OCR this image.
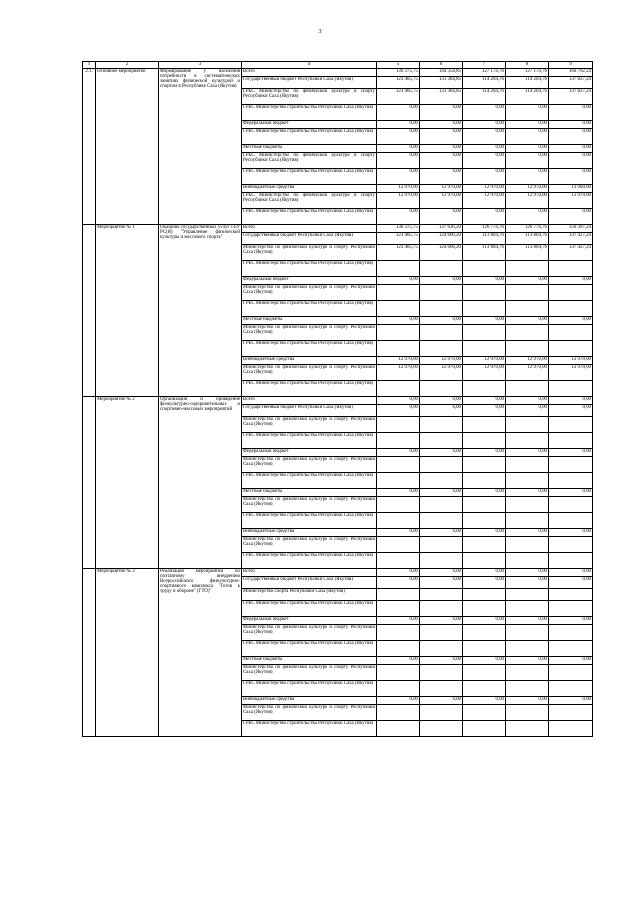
3
1	2	3	4	5	6	7	8	9
2.1.	Основное мероприятие	Формирование у населения потребности в систематических занятиях физической культурой и спортом в Республике Саха (Якутия)	Всего	136 375,75	144 354,85	127 174,76	127 174,76	160 792,24
			Государственный бюджет Республики Саха (Якутия)	123 405,75	131 384,85	114 204,76	114 204,76	137 827,24
			ГРБС Министерство по физической культуре и спорту Республики Саха (Якутия)	123 405,75	131 384,85	114 204,76	114 204,76	137 827,24
			ГРБС Министерство строительства Республики Саха (Якутия)	0,00	0,00	0,00	0,00	0,00
			Федеральный бюджет	0,00	0,00	0,00	0,00	0,00
			ГРБС Министерство строительства Республики Саха (Якутия)	0,00	0,00	0,00	0,00	0,00
			Местные бюджеты	0,00	0,00	0,00	0,00	0,00
			ГРБС Министерство по физической культуре и спорту Республики Саха (Якутия)	0,00	0,00	0,00	0,00	0,00
			ГРБС Министерство строительства Республики Саха (Якутия)	0,00	0,00	0,00	0,00	0,00
			Внебюджетные средства	12 970,00	12 970,00	12 970,00	12 970,00	13 000,00
			ГРБС Министерство по физической культуре и спорту Республики Саха (Якутия)	12 970,00	12 970,00	12 970,00	12 970,00	12 970,00
			ГРБС Министерство строительства Республики Саха (Якутия)	0,00	0,00	0,00	0,00	0,00
	Мероприятие № 1	Оказание государственных услуг ГБУ РС(Я) "Управление физической культуры и массового спорта"	Всего	136 375,75	137 636,20	126 774,76	126 774,76	150 397,24
			Государственный бюджет Республики Саха (Якутия)	123 405,75	124 666,20	113 804,76	113 804,76	137 427,24
			Министерство по физической культуре и спорту Республики Саха (Якутия)	123 405,75	124 666,20	113 804,76	113 804,76	137 427,24
			ГРБС Министерство строительства Республики Саха (Якутия)					
			Федеральный бюджет	0,00	0,00	0,00	0,00	0,00
			Министерство по физической культуре и спорту Республики Саха (Якутия)					
			ГРБС Министерство строительства Республики Саха (Якутия)					
			Местные бюджеты	0,00	0,00	0,00	0,00	0,00
			Министерство по физической культуре и спорту Республики Саха (Якутия)					
			ГРБС Министерство строительства Республики Саха (Якутия)					
			Внебюджетные средства	12 970,00	12 970,00	12 970,00	12 970,00	12 970,00
			Министерство по физической культуре и спорту Республики Саха (Якутия)	12 970,00	12 970,00	12 970,00	12 970,00	12 970,00
			ГРБС Министерство строительства Республики Саха (Якутия)					
	Мероприятие № 2	Организация и проведение физкультурно-оздоровительных и спортивно-массовых мероприятий	Всего	0,00	0,00	0,00	0,00	0,00
			Государственный бюджет Республики Саха (Якутия)	0,00	0,00	0,00	0,00	0,00
			Министерство по физической культуре и спорту Республики Саха (Якутия)					
			ГРБС Министерство строительства Республики Саха (Якутия)					
			Федеральный бюджет	0,00	0,00	0,00	0,00	0,00
			Министерство по физической культуре и спорту Республики Саха (Якутия)					
			ГРБС Министерство строительства Республики Саха (Якутия)					
			Местные бюджеты	0,00	0,00	0,00	0,00	0,00
			Министерство по физической культуре и спорту Республики Саха (Якутия)					
			ГРБС Министерство строительства Республики Саха (Якутия)					
			Внебюджетные средства	0,00	0,00	0,00	0,00	0,00
			Министерство по физической культуре и спорту Республики Саха (Якутия)					
			ГРБС Министерство строительства Республики Саха (Якутия)					
	Мероприятие № 3	Реализация мероприятий по поэтапному внедрению Всероссийского физкультурно-спортивного комплекса "Готов к труду и обороне" (ГТО)"	Всего	0,00	0,00	0,00	0,00	0,00
			Государственный бюджет Республики Саха (Якутия)	0,00	0,00	0,00	0,00	0,00
			Министерство спорта Республики Саха (Якутия)					
			ГРБС Министерство строительства Республики Саха (Якутия)					
			Федеральный бюджет	0,00	0,00	0,00	0,00	0,00
			Министерство по физической культуре и спорту Республики Саха (Якутия)					
			ГРБС Министерство строительства Республики Саха (Якутия)					
			Местные бюджеты	0,00	0,00	0,00	0,00	0,00
			Министерство по физической культуре и спорту Республики Саха (Якутия)					
			ГРБС Министерство строительства Республики Саха (Якутия)					
			Внебюджетные средства	0,00	0,00	0,00	0,00	0,00
			Министерство по физической культуре и спорту Республики Саха (Якутия)					
			ГРБС Министерство строительства Республики Саха (Якутия)					
